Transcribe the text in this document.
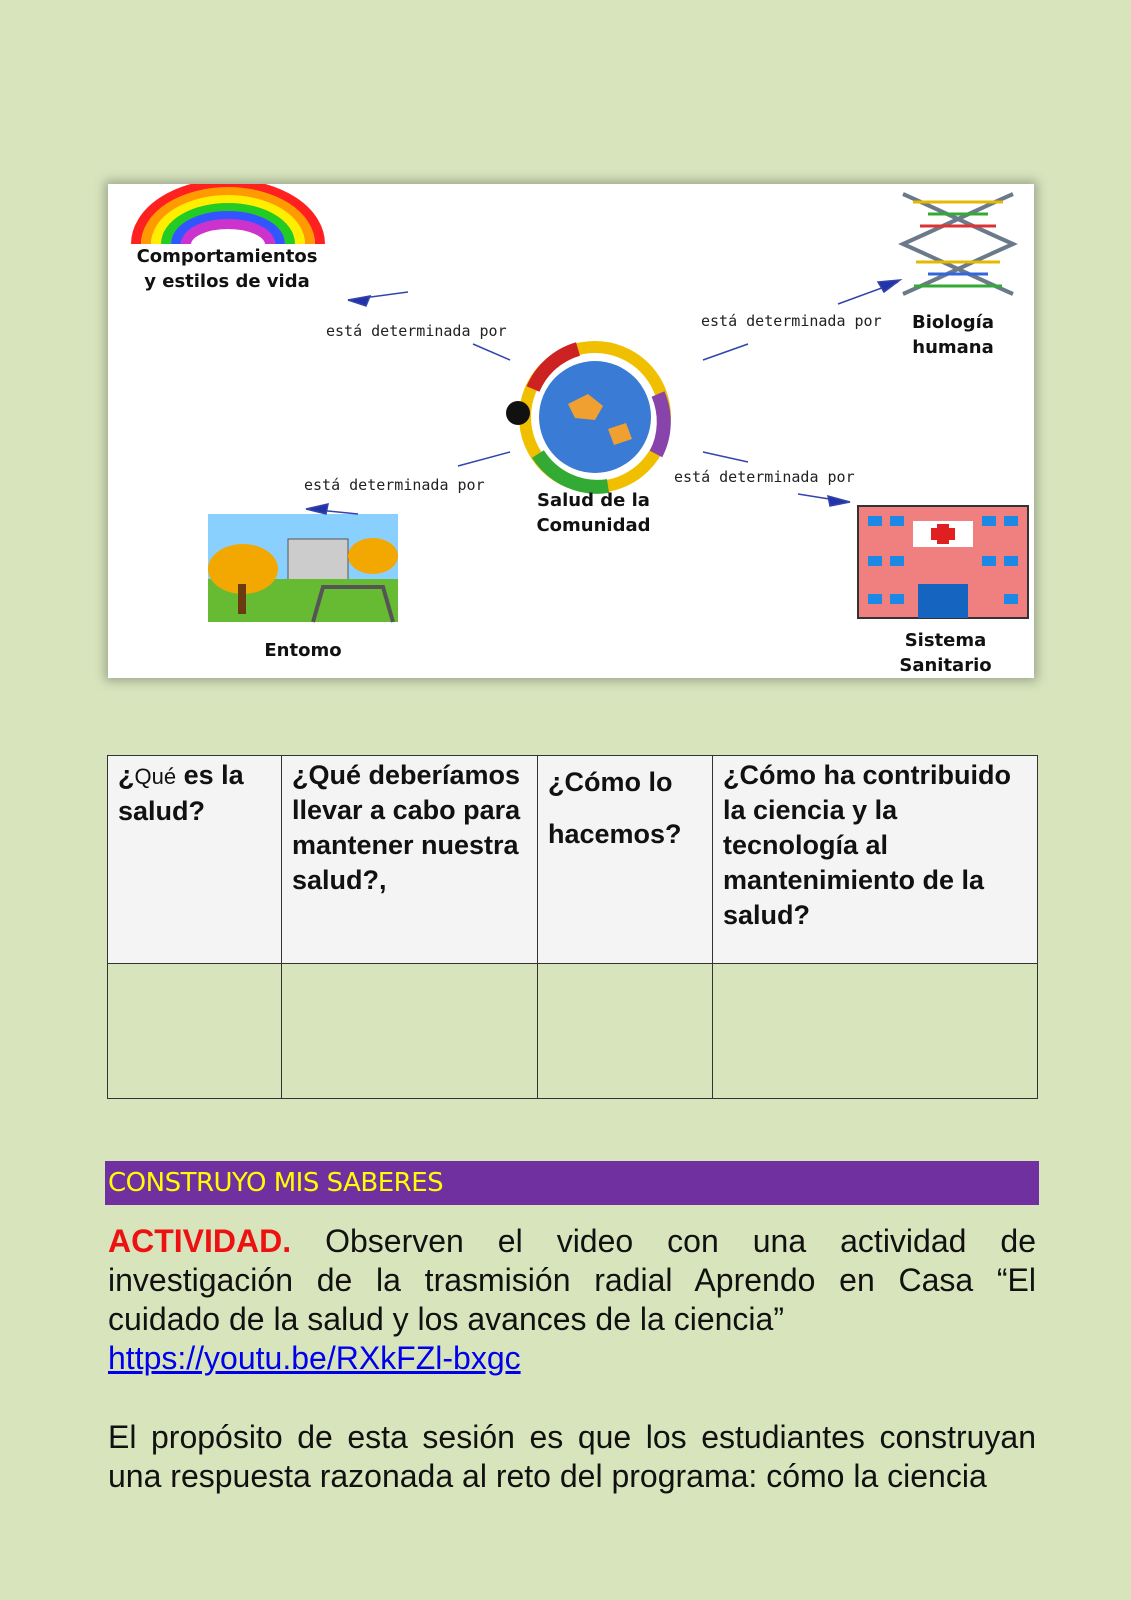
Comportamientos
y estilos de vida
Biología
humana
Salud de la
Comunidad
Entomo	Sistema
Sanitario
está determinada por
está determinada por
está determinada por	está determinada por
¿Qué es la salud?	¿Qué deberíamos llevar a cabo para mantener nuestra salud?,	¿Cómo lo hacemos?	¿Cómo ha contribuido la ciencia y la tecnología al mantenimiento de la salud?

CONSTRUYO MIS SABERES
ACTIVIDAD. Observen el video con una actividad de investigación de la trasmisión radial Aprendo en Casa “El cuidado de la salud y los avances de la ciencia”
https://youtu.be/RXkFZl-bxgc
El propósito de esta sesión es que los estudiantes construyan una respuesta razonada al reto del programa: cómo la ciencia
